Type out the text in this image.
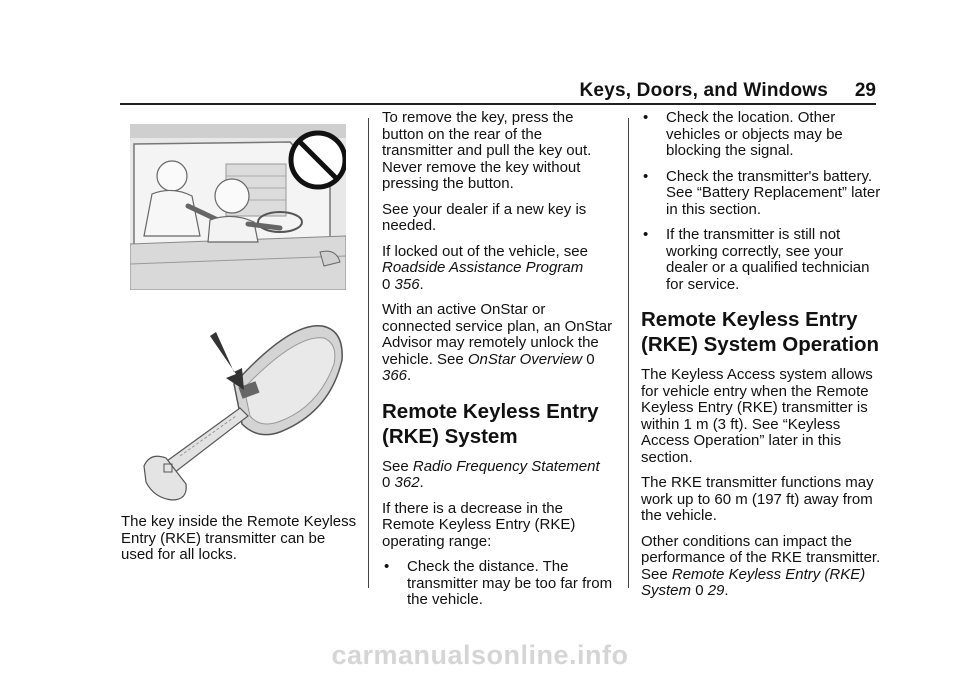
Keys, Doors, and Windows 29

The key inside the Remote Keyless Entry (RKE) transmitter can be used for all locks.

To remove the key, press the button on the rear of the transmitter and pull the key out. Never remove the key without pressing the button.

See your dealer if a new key is needed.

If locked out of the vehicle, see Roadside Assistance Program
0 356.

With an active OnStar or connected service plan, an OnStar Advisor may remotely unlock the vehicle. See OnStar Overview 0 366.

Remote Keyless Entry (RKE) System

See Radio Frequency Statement
0 362.

If there is a decrease in the Remote Keyless Entry (RKE) operating range:

•	Check the distance. The transmitter may be too far from the vehicle.
•	Check the location. Other vehicles or objects may be blocking the signal.
•	Check the transmitter's battery. See “Battery Replacement” later in this section.
•	If the transmitter is still not working correctly, see your dealer or a qualified technician for service.
Remote Keyless Entry (RKE) System Operation

The Keyless Access system allows for vehicle entry when the Remote Keyless Entry (RKE) transmitter is within 1 m (3 ft). See “Keyless Access Operation” later in this section.

The RKE transmitter functions may work up to 60 m (197 ft) away from the vehicle.

Other conditions can impact the performance of the RKE transmitter. See Remote Keyless Entry (RKE) System 0 29.

carmanualsonline.info
